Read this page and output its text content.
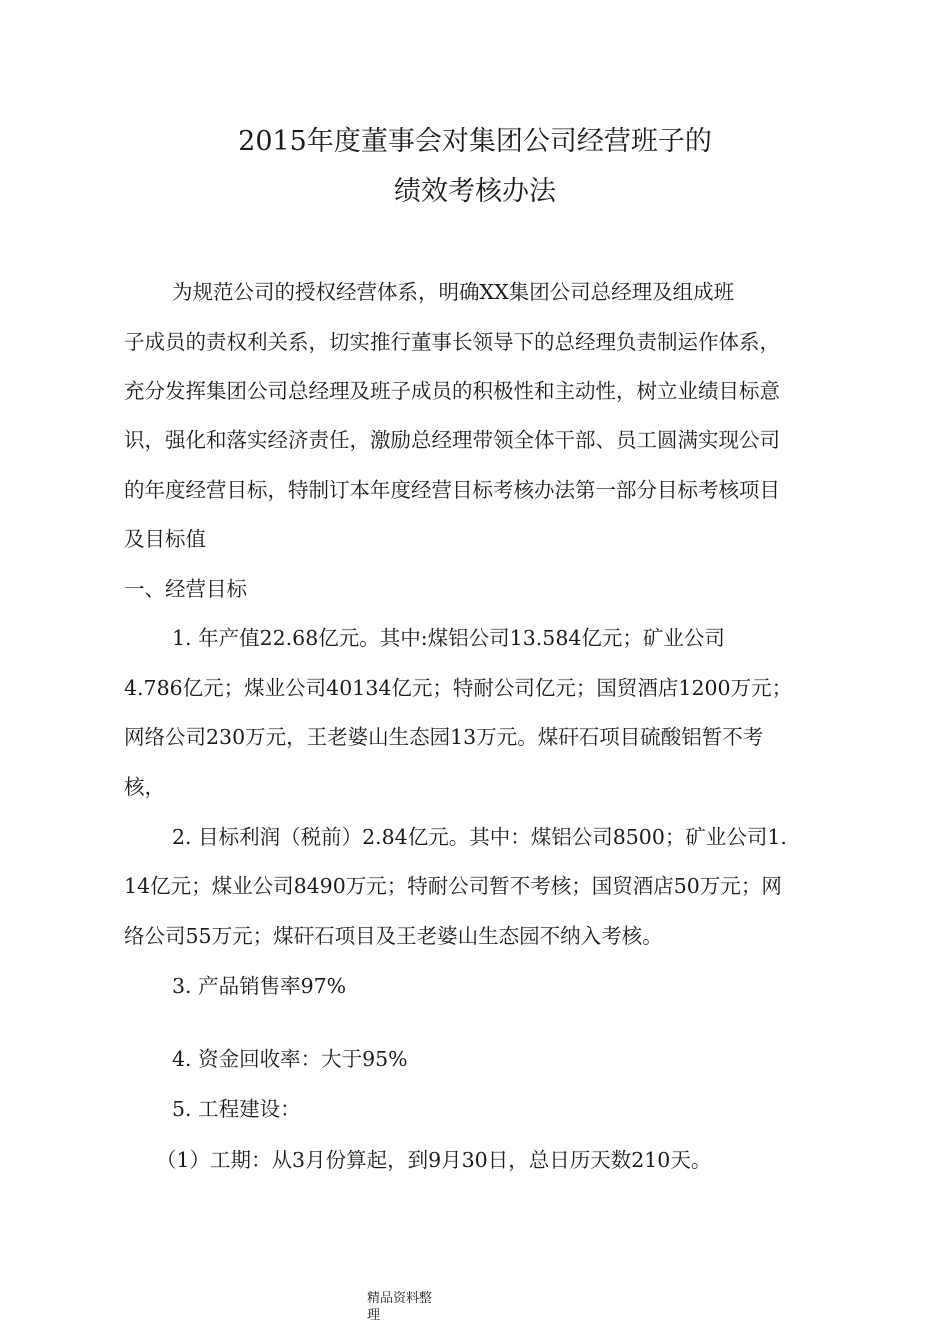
2015年度董事会对集团公司经营班子的
绩效考核办法
为规范公司的授权经营体系，明确XX集团公司总经理及组成班
子成员的责权利关系，切实推行董事长领导下的总经理负责制运作体系，
充分发挥集团公司总经理及班子成员的积极性和主动性，树立业绩目标意
识，强化和落实经济责任，激励总经理带领全体干部、员工圆满实现公司
的年度经营目标，特制订本年度经营目标考核办法第一部分目标考核项目
及目标值
一、经营目标
1. 年产值22.68亿元。其中:煤铝公司13.584亿元；矿业公司
4.786亿元；煤业公司40134亿元；特耐公司亿元；国贸酒店1200万元；
网络公司230万元，王老婆山生态园13万元。煤矸石项目硫酸铝暂不考
核，
2. 目标利润（税前）2.84亿元。其中：煤铝公司8500；矿业公司1.
14亿元；煤业公司8490万元；特耐公司暂不考核；国贸酒店50万元；网
络公司55万元；煤矸石项目及王老婆山生态园不纳入考核。
3. 产品销售率97%
4. 资金回收率：大于95%
5. 工程建设：
（1）工期：从3月份算起，到9月30日，总日历天数210天。
精品资料整
理
